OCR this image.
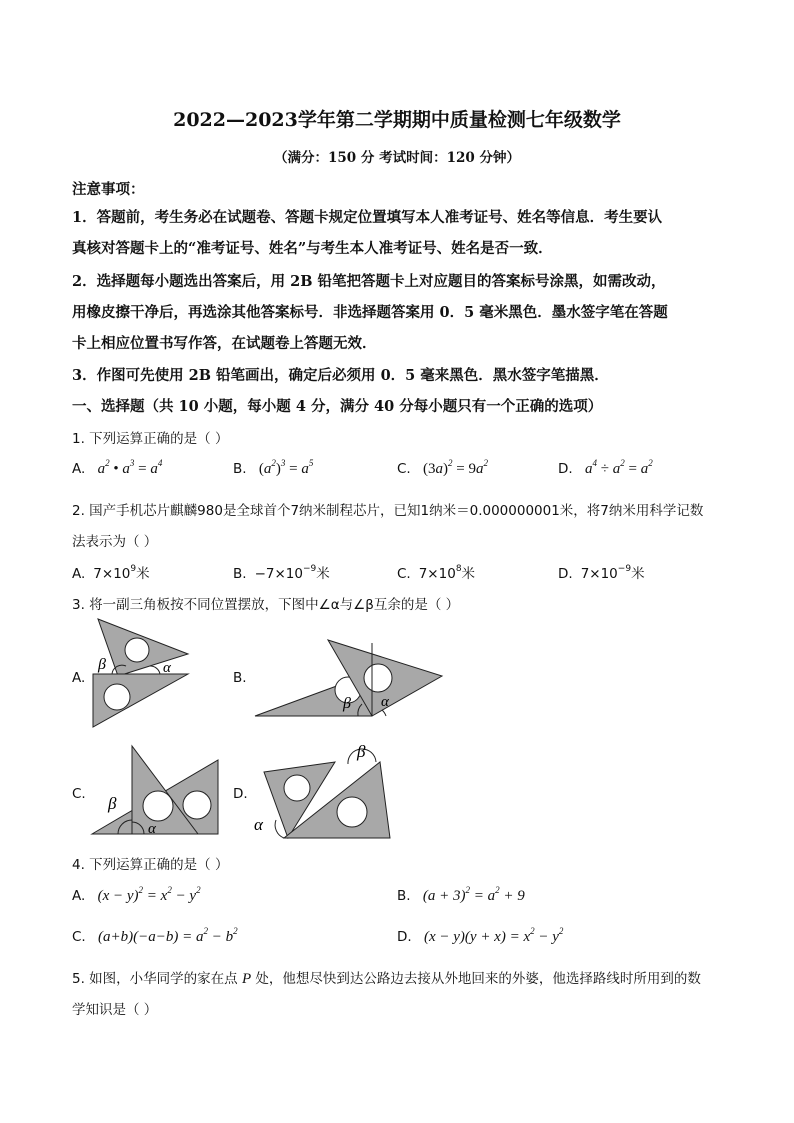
2022—2023学年第二学期期中质量检测七年级数学
（满分：150 分 考试时间：120 分钟）
注意事项：
1．答题前，考生务必在试题卷、答题卡规定位置填写本人准考证号、姓名等信息．考生要认
真核对答题卡上的“准考证号、姓名”与考生本人准考证号、姓名是否一致．
2．选择题每小题选出答案后，用 2B 铅笔把答题卡上对应题目的答案标号涂黑，如需改动，
用橡皮擦干净后，再选涂其他答案标号．非选择题答案用 0．5 毫米黑色．墨水签字笔在答题
卡上相应位置书写作答，在试题卷上答题无效．
3．作图可先使用 2B 铅笔画出，确定后必须用 0．5 毫来黑色．黑水签字笔描黑．
一、选择题（共 10 小题，每小题 4 分，满分 40 分每小题只有一个正确的选项）
1. 下列运算正确的是（ ）
A. $a^2$ • $a^3 = a^4$	B. $(a^2)^3 = a^5$	C. $(3a)^2 = 9a^2$	D. $a^4 \div a^2 = a^2$
2. 国产手机芯片麒麟980是全球首个7纳米制程芯片，已知1纳米＝0.000000001米，将7纳米用科学记数
法表示为（ ）
A. $7\times 10^9$米	B. $-7\times 10^{-9}$米	C. $7\times 10^8$米	D. $7\times 10^{-9}$米
3. 将一副三角板按不同位置摆放，下图中∠α与∠β互余的是（ ）
A.
β	α
B.
β α
C. β
α
D.
β
α
4. 下列运算正确的是（ ）
A. $(x - y)^2 = x^2 - y^2$	B. $(a + 3)^2 = a^2 + 9$
C. $(a+b)(-a-b) = a^2 - b^2$	D. $(x - y)(y + x) = x^2 - y^2$
5. 如图，小华同学的家在点 P 处，他想尽快到达公路边去接从外地回来的外婆，他选择路线时所用到的数
学知识是（ ）
